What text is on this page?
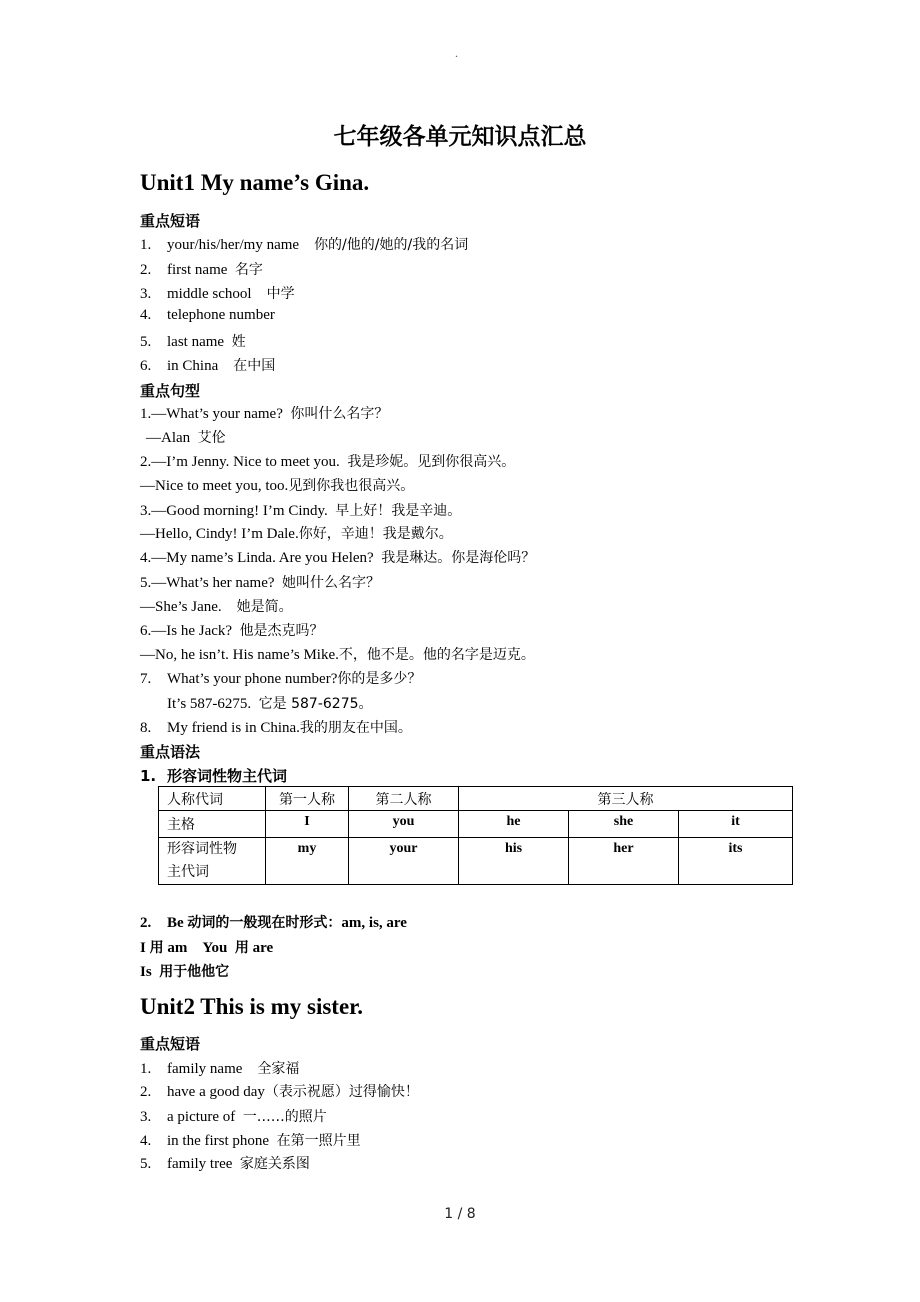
.
七年级各单元知识点汇总
Unit1 My name’s Gina.
重点短语
1. your/his/her/my name 你的/他的/她的/我的名词
2. first name 名字
3. middle school 中学
4. telephone number
5. last name 姓
6. in China 在中国
重点句型
1.—What’s your name? 你叫什么名字？
—Alan 艾伦
2.—I’m Jenny. Nice to meet you. 我是珍妮。见到你很高兴。
—Nice to meet you, too.见到你我也很高兴。
3.—Good morning! I’m Cindy. 早上好！我是辛迪。
—Hello, Cindy! I’m Dale.你好，辛迪！我是戴尔。
4.—My name’s Linda. Are you Helen? 我是琳达。你是海伦吗？
5.—What’s her name? 她叫什么名字？
—She’s Jane. 她是简。
6.—Is he Jack? 他是杰克吗？
—No, he isn’t. His name’s Mike.不，他不是。他的名字是迈克。
7. What’s your phone number?你的是多少？
It’s 587-6275. 它是 587-6275。
8. My friend is in China.我的朋友在中国。
重点语法
1. 形容词性物主代词
人称代词	第一人称	第二人称	第三人称		
主格	I	you	he	she	it
形容词性物
主代词	my	your	his	her	its
2. Be 动词的一般现在时形式：am, is, are
I 用 am    You  用 are
Is  用于他他它
Unit2 This is my sister.
重点短语
1. family name 全家福
2. have a good day（表示祝愿）过得愉快！
3. a picture of 一……的照片
4. in the first phone 在第一照片里
5. family tree 家庭关系图
1 / 8
